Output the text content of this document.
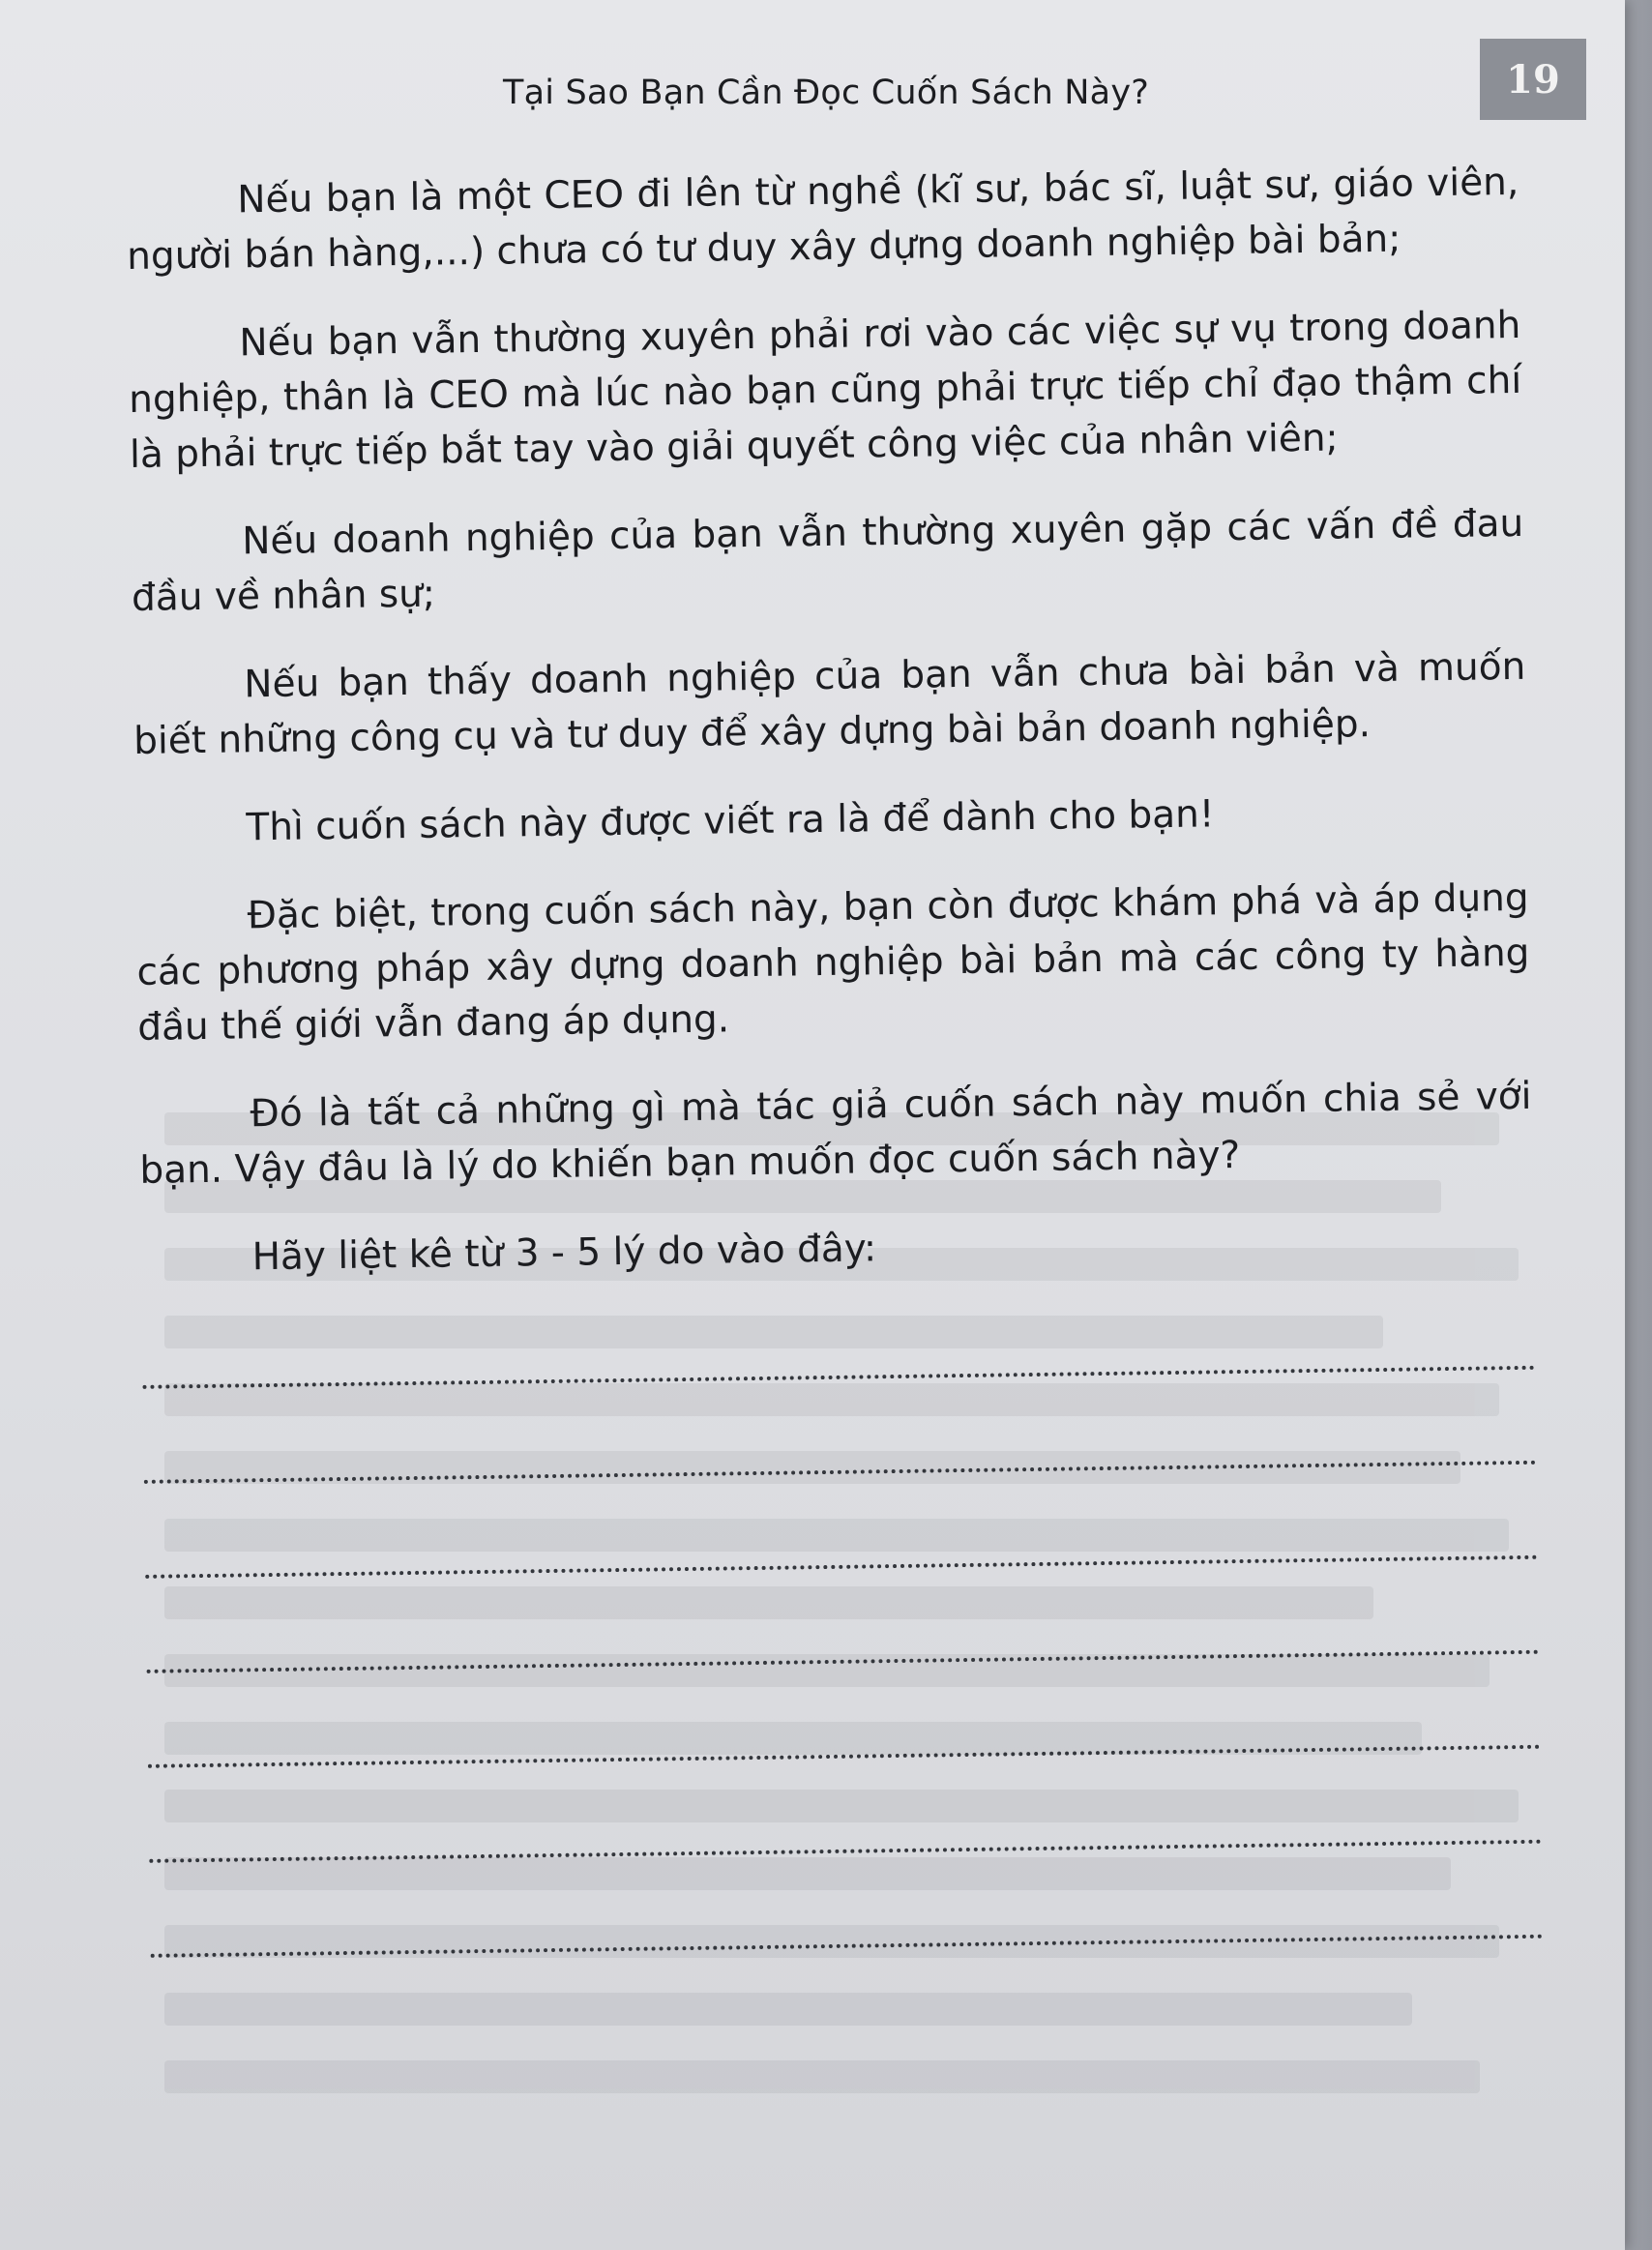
Tại Sao Bạn Cần Đọc Cuốn Sách Này?	19

Nếu bạn là một CEO đi lên từ nghề (kĩ sư, bác sĩ, luật sư, giáo viên, người bán hàng,...) chưa có tư duy xây dựng doanh nghiệp bài bản;

Nếu bạn vẫn thường xuyên phải rơi vào các việc sự vụ trong doanh nghiệp, thân là CEO mà lúc nào bạn cũng phải trực tiếp chỉ đạo thậm chí là phải trực tiếp bắt tay vào giải quyết công việc của nhân viên;

Nếu doanh nghiệp của bạn vẫn thường xuyên gặp các vấn đề đau đầu về nhân sự;

Nếu bạn thấy doanh nghiệp của bạn vẫn chưa bài bản và muốn biết những công cụ và tư duy để xây dựng bài bản doanh nghiệp.

Thì cuốn sách này được viết ra là để dành cho bạn!

Đặc biệt, trong cuốn sách này, bạn còn được khám phá và áp dụng các phương pháp xây dựng doanh nghiệp bài bản mà các công ty hàng đầu thế giới vẫn đang áp dụng.

Đó là tất cả những gì mà tác giả cuốn sách này muốn chia sẻ với bạn. Vậy đâu là lý do khiến bạn muốn đọc cuốn sách này?

Hãy liệt kê từ 3 - 5 lý do vào đây:
